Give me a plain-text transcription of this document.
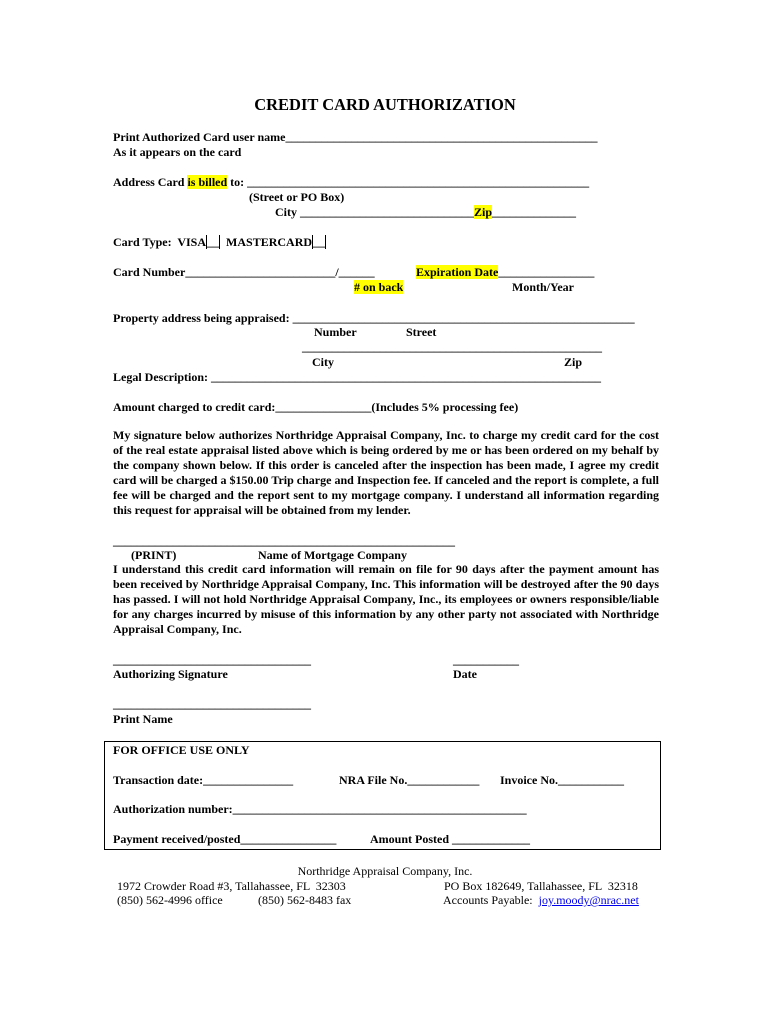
CREDIT CARD AUTHORIZATION
Print Authorized Card user name____________________________________________________
As it appears on the card
Address Card is billed to: _________________________________________________________
(Street or PO Box)
City _____________________________Zip______________
Card Type:  VISA__ MASTERCARD__
Card Number_________________________/______	Expiration Date________________
# on back	Month/Year
Property address being appraised: _________________________________________________________
Number	Street
__________________________________________________
City	Zip
Legal Description: _________________________________________________________________
Amount charged to credit card:________________(Includes 5% processing fee)
My signature below authorizes Northridge Appraisal Company, Inc. to charge my credit card for the cost of the real estate appraisal listed above which is being ordered by me or has been ordered on my behalf by the company shown below. If this order is canceled after the inspection has been made, I agree my credit card will be charged a $150.00 Trip charge and Inspection fee. If canceled and the report is complete, a full fee will be charged and the report sent to my mortgage company. I understand all information regarding this request for appraisal will be obtained from my lender.
_________________________________________________________
(PRINT)	Name of Mortgage Company
I understand this credit card information will remain on file for 90 days after the payment amount has been received by Northridge Appraisal Company, Inc. This information will be destroyed after the 90 days has passed. I will not hold Northridge Appraisal Company, Inc., its employees or owners responsible/liable for any charges incurred by misuse of this information by any other party not associated with Northridge Appraisal Company, Inc.
_________________________________	___________
Authorizing Signature	Date
_________________________________
Print Name
FOR OFFICE USE ONLY
Transaction date:_______________	NRA File No.____________ Invoice No.___________
Authorization number:_________________________________________________
Payment received/posted________________	Amount Posted _____________
Northridge Appraisal Company, Inc.
1972 Crowder Road #3, Tallahassee, FL  32303	PO Box 182649, Tallahassee, FL  32318
(850) 562-4996 office	(850) 562-8483 fax	Accounts Payable:  joy.moody@nrac.net
